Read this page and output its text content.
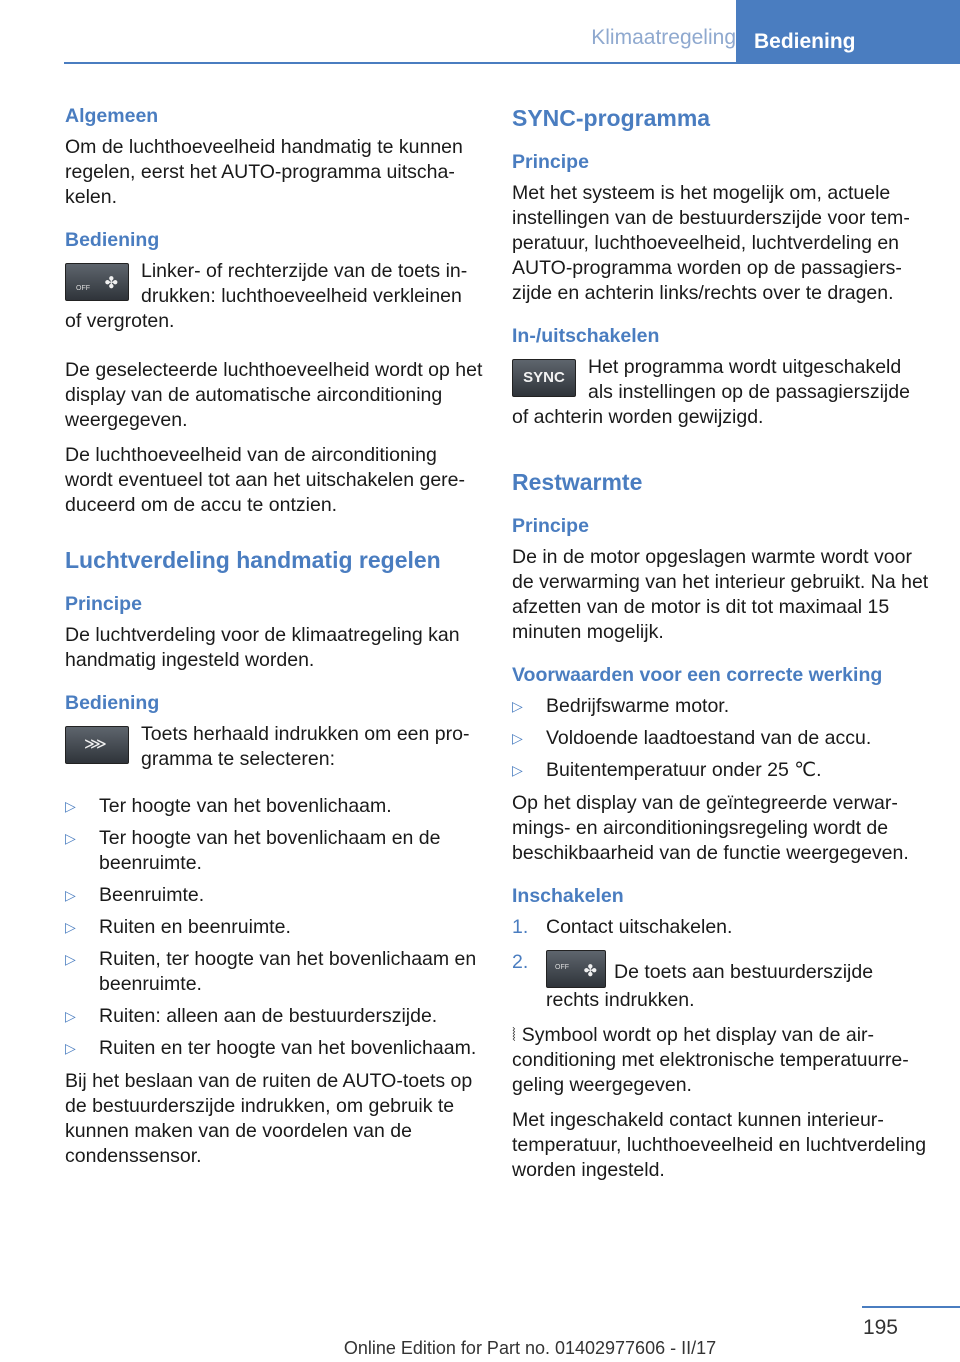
Klimaatregeling Bediening
Algemeen

Om de luchthoeveelheid handmatig te kunnen regelen, eerst het AUTO-programma uitschakelen.

Bediening
OFF ✤

Linker- of rechterzijde van de toets indrukken: luchthoeveelheid verkleinen of vergroten.

De geselecteerde luchthoeveelheid wordt op het display van de automatische airconditioning weergegeven.

De luchthoeveelheid van de airconditioning wordt eventueel tot aan het uitschakelen gereduceerd om de accu te ontzien.

Luchtverdeling handmatig regelen
Principe

De luchtverdeling voor de klimaatregeling kan handmatig ingesteld worden.

Bediening
⋙	Toets herhaald indrukken om een programma te selecteren:

▷ Ter hoogte van het bovenlichaam.
▷ Ter hoogte van het bovenlichaam en de beenruimte.
▷ Beenruimte.
▷ Ruiten en beenruimte.
▷ Ruiten, ter hoogte van het bovenlichaam en beenruimte.
▷ Ruiten: alleen aan de bestuurderszijde.
▷ Ruiten en ter hoogte van het bovenlichaam.

Bij het beslaan van de ruiten de AUTO-toets op de bestuurderszijde indrukken, om gebruik te kunnen maken van de voordelen van de condenssensor.

SYNC-programma
Principe

Met het systeem is het mogelijk om, actuele instellingen van de bestuurderszijde voor temperatuur, luchthoeveelheid, luchtverdeling en AUTO-programma worden op de passagierszijde en achterin links/rechts over te dragen.

In-/uitschakelen
SYNC	Het programma wordt uitgeschakeld als instellingen op de passagierszijde of achterin worden gewijzigd.

Restwarmte
Principe

De in de motor opgeslagen warmte wordt voor de verwarming van het interieur gebruikt. Na het afzetten van de motor is dit tot maximaal 15 minuten mogelijk.

Voorwaarden voor een correcte werking
▷ Bedrijfswarme motor.
▷ Voldoende laadtoestand van de accu.
▷ Buitentemperatuur onder 25 ℃.

Op het display van de geïntegreerde verwarmings- en airconditioningsregeling wordt de beschikbaarheid van de functie weergegeven.

Inschakelen
1. Contact uitschakelen.
2.	OFF ✤ De toets aan bestuurderszijde rechts indrukken.

⦚ Symbool wordt op het display van de airconditioning met elektronische temperatuurregeling weergegeven.

Met ingeschakeld contact kunnen interieurtemperatuur, luchthoeveelheid en luchtverdeling worden ingesteld.

195
Online Edition for Part no. 01402977606 - II/17
